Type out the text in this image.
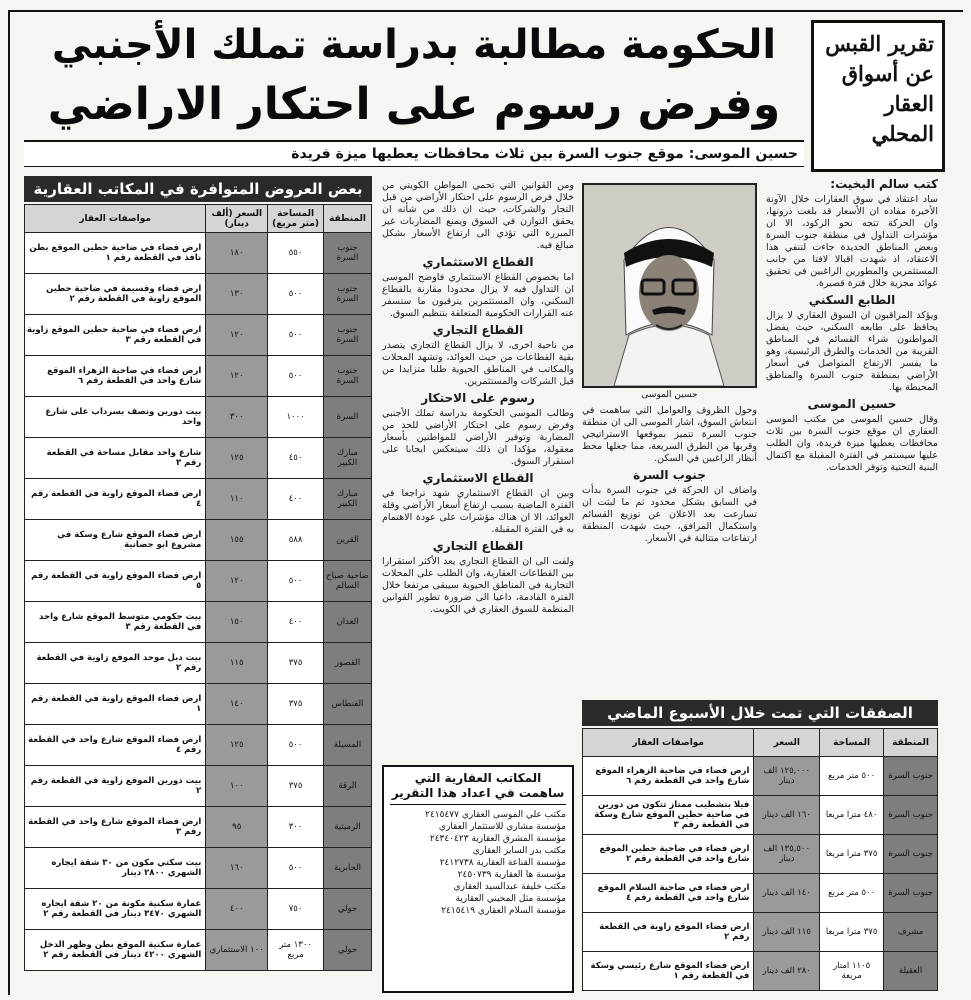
تقرير القبس
عن أسواق
العقار
المحلي
الحكومة مطالبة بدراسة تملك الأجنبي
وفرض رسوم على احتكار الاراضي
حسين الموسى: موقع جنوب السرة بين ثلاث محافظات يعطيها ميزة فريدة
كتب سالم البخيت:

ساد اعتقاد في سوق العقارات خلال الآونة الأخيرة مفاده ان الأسعار قد بلغت ذروتها، وان الحركة تتجه نحو الركود، الا ان مؤشرات التداول في منطقة جنوب السرة وبعض المناطق الجديدة جاءت لتنفي هذا الاعتقاد، اذ شهدت اقبالا لافتا من جانب المستثمرين والمطورين الراغبين في تحقيق عوائد مجزية خلال فترة قصيرة.

الطابع السكني

ويؤكد المراقبون ان السوق العقاري لا يزال يحافظ على طابعه السكني، حيث يفضل المواطنون شراء القسائم في المناطق القريبة من الخدمات والطرق الرئيسية، وهو ما يفسر الارتفاع المتواصل في أسعار الأراضي بمنطقة جنوب السرة والمناطق المحيطة بها.

حسين الموسى

وقال حسين الموسى من مكتب الموسى العقاري ان موقع جنوب السرة بين ثلاث محافظات يعطيها ميزة فريدة، وان الطلب عليها سيستمر في الفترة المقبلة مع اكتمال البنية التحتية وتوفر الخدمات.

حسين الموسى

وحول الظروف والعوامل التي ساهمت في انتعاش السوق، اشار الموسى الى ان منطقة جنوب السرة تتميز بموقعها الاستراتيجي وقربها من الطرق السريعة، مما جعلها محط أنظار الراغبين في السكن.

جنوب السرة

واضاف ان الحركة في جنوب السرة بدأت في السابق بشكل محدود ثم ما لبثت ان تسارعت بعد الاعلان عن توزيع القسائم واستكمال المرافق، حيث شهدت المنطقة ارتفاعات متتالية في الأسعار.

ومن القوانين التي تحمي المواطن الكويتي من خلال فرض الرسوم على احتكار الأراضي من قبل التجار والشركات، حيث ان ذلك من شأنه ان يحقق التوازن في السوق ويمنع المضاربات غير المبررة التي تؤدي الى ارتفاع الأسعار بشكل مبالغ فيه.

القطاع الاستثماري

اما بخصوص القطاع الاستثماري فاوضح الموسى ان التداول فيه لا يزال محدودا مقارنة بالقطاع السكني، وان المستثمرين يترقبون ما ستسفر عنه القرارات الحكومية المتعلقة بتنظيم السوق.

القطاع التجاري

من ناحية اخرى، لا يزال القطاع التجاري يتصدر بقية القطاعات من حيث العوائد، وتشهد المحلات والمكاتب في المناطق الحيوية طلبا متزايدا من قبل الشركات والمستثمرين.

رسوم على الاحتكار

وطالب الموسى الحكومة بدراسة تملك الأجنبي وفرض رسوم على احتكار الأراضي للحد من المضاربة وتوفير الأراضي للمواطنين بأسعار معقولة، مؤكدا ان ذلك سينعكس ايجابا على استقرار السوق.

القطاع الاستثماري

وبين ان القطاع الاستثماري شهد تراجعا في الفترة الماضية بسبب ارتفاع أسعار الأراضي وقلة العوائد، الا ان هناك مؤشرات على عودة الاهتمام به في الفترة المقبلة.

القطاع التجاري

ولفت الى ان القطاع التجاري يعد الأكثر استقرارا بين القطاعات العقارية، وان الطلب على المحلات التجارية في المناطق الحيوية سيبقى مرتفعا خلال الفترة القادمة، داعيا الى ضرورة تطوير القوانين المنظمة للسوق العقاري في الكويت.

المكاتب العقارية التي ساهمت في اعداد هذا التقرير
مكتب علي الموسى العقاري ٢٤١٥٤٧٧
مؤسسة مشاري للاستثمار العقاري
مؤسسة المشرق العقارية ٢٤٣٤٠٤٢٣
مكتب بدر الساير العقاري
مؤسسة القناعة العقارية ٢٤١٢٧٣٨
مؤسسة ها العقارية ٢٤٥٠٧٣٩
مكتب خليفة عبدالسيد العقاري
مؤسسة مثل المحيني العقارية
مؤسسة السلام العقاري ٢٤١٥٤١٩
بعض العروض المتوافرة في المكاتب العقارية
المنطقة	المساحة (متر مربع)	السعر (ألف دينار)	مواصفات العقار
جنوب السرة	٥٥٠	١٨٠	ارض فضاء في ضاحية حطين الموقع بطن نافذ في القطعة رقم ١
جنوب السرة	٥٠٠	١٣٠	ارض فضاء وقسيمة في ضاحية حطين الموقع زاوية في القطعة رقم ٢
جنوب السرة	٥٠٠	١٢٠	ارض فضاء في ضاحية حطين الموقع زاوية في القطعة رقم ٣
جنوب السرة	٥٠٠	١٢٠	ارض فضاء في ضاحية الزهراء الموقع شارع واحد في القطعة رقم ٦
السرة	١٠٠٠	٣٠٠	بيت دورين ونصف بسرداب على شارع واحد
مبارك الكبير	٤٥٠	١٢٥	شارع واحد مقابل مساحة في القطعة رقم ٣
مبارك الكبير	٤٠٠	١١٠	ارض فضاء الموقع زاوية في القطعة رقم ٤
القرين	٥٨٨	١٥٥	ارض فضاء الموقع شارع وسكة في مشروع ابو حصانية
ضاحية صباح السالم	٥٠٠	١٢٠	ارض فضاء الموقع زاوية في القطعة رقم ٥
العدان	٤٠٠	١٥٠	بيت حكومي متوسط الموقع شارع واحد في القطعة رقم ٣
القصور	٣٧٥	١١٥	بيت دبل موحد الموقع زاوية في القطعة رقم ٢
الفنطاس	٣٧٥	١٤٠	ارض فضاء الموقع زاوية في القطعة رقم ١
المسيلة	٥٠٠	١٢٥	ارض فضاء الموقع شارع واحد في القطعة رقم ٤
الرقة	٣٧٥	١٠٠	بيت دورين الموقع زاوية في القطعة رقم ٢
الرميثية	٣٠٠	٩٥	ارض فضاء الموقع شارع واحد في القطعة رقم ٣
الجابرية	٥٠٠	١٦٠	بيت سكني مكون من ٣٠ شقة ايجاره الشهري ٢٨٠٠ دينار
حولي	٧٥٠	٤٠٠	عمارة سكنية مكونة من ٢٠ شقة ايجاره الشهري ٣٤٧٠ دينار في القطعة رقم ٢
حولي	١٣٠٠ متر مربع	١٠٠ الاستثماري	عمارة سكنية الموقع بطن وظهر الدخل الشهري ٤٢٠٠ دينار في القطعة رقم ٢
الصفقات التي تمت خلال الأسبوع الماضي
المنطقة	المساحة	السعر	مواصفات العقار
جنوب السرة	٥٠٠ متر مربع	١٢٥,٠٠٠ الف دينار	ارض فضاء في ضاحية الزهراء الموقع شارع واحد في القطعة رقم ٦
جنوب السرة	٤٨٠ مترا مربعا	١٦٠ الف دينار	فيلا بتشطيب ممتاز تتكون من دورين في ضاحية حطين الموقع شارع وسكة في القطعة رقم ٣
جنوب السرة	٣٧٥ مترا مربعا	١٣٥,٥٠٠ الف دينار	ارض فضاء في ضاحية حطين الموقع شارع واحد في القطعة رقم ٢
جنوب السرة	٥٠٠ متر مربع	١٤٠ الف دينار	ارض فضاء في ضاحية السلام الموقع شارع واحد في القطعة رقم ٤
مشرف	٣٧٥ مترا مربعا	١١٥ الف دينار	ارض فضاء الموقع زاوية في القطعة رقم ٢
العقيلة	١١٠٥ امتار مربعة	٢٨٠ الف دينار	ارض فضاء الموقع شارع رئيسي وسكة في القطعة رقم ١
